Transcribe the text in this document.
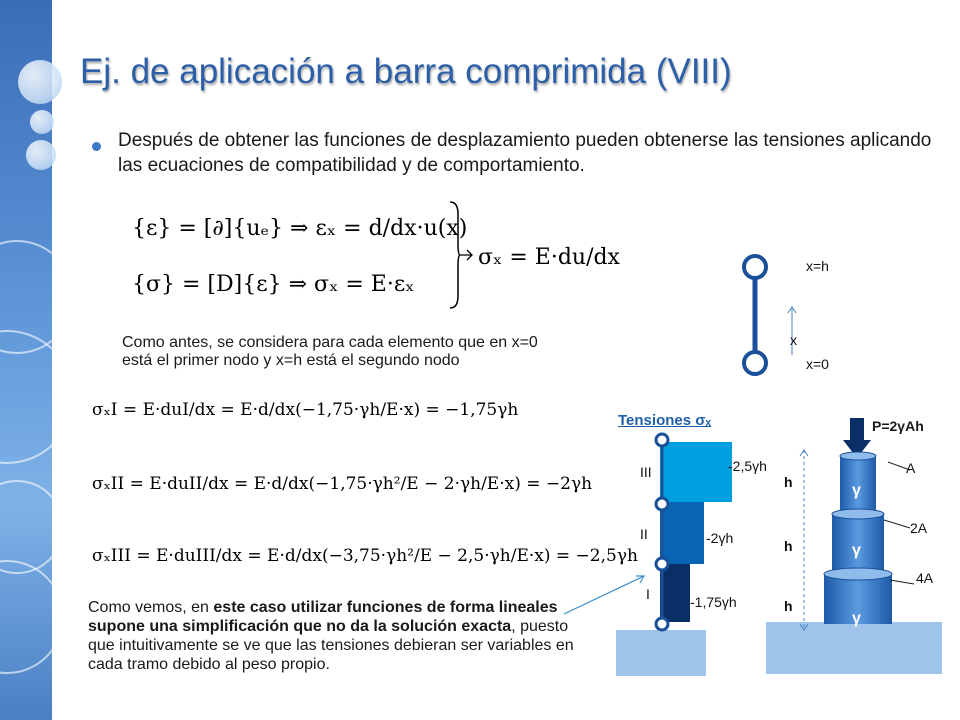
Ej. de aplicación a barra comprimida (VIII)
Después de obtener las funciones de desplazamiento pueden obtenerse las tensiones aplicando las ecuaciones de compatibilidad y de comportamiento.
{ε} = [∂]{uₑ} ⇒ εₓ = d/dx·u(x)
{σ} = [D]{ε} ⇒ σₓ = E·εₓ
σₓ = E·du/dx	x=h
x
x=0
Como antes, se considera para cada elemento que en x=0
está el primer nodo y x=h está el segundo nodo
σₓI = E·duI/dx = E·d/dx(−1,75·γh/E·x) = −1,75γh
σₓII = E·duII/dx = E·d/dx(−1,75·γh²/E − 2·γh/E·x) = −2γh
σₓIII = E·duIII/dx = E·d/dx(−3,75·γh²/E − 2,5·γh/E·x) = −2,5γh
Como vemos, en este caso utilizar funciones de forma lineales supone una simplificación que no da la solución exacta, puesto que intuitivamente se ve que las tensiones debieran ser variables en cada tramo debido al peso propio.
Tensiones σₓ
III
II
I
-2,5γh
-2γh
-1,75γh
P=2γAh
A
2A
4A
h
h
h
γ
γ
γ
